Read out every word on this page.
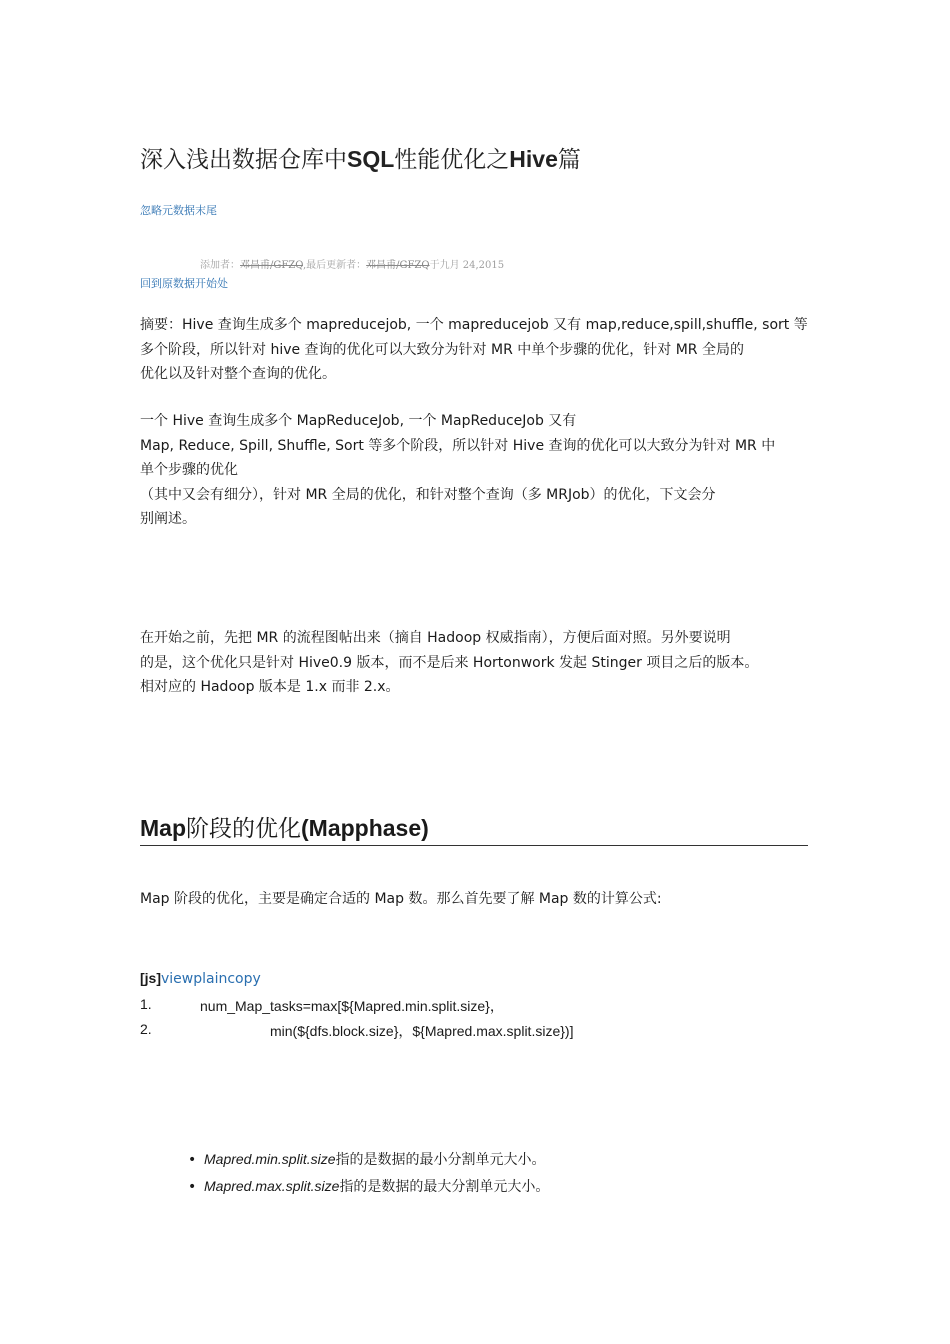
深入浅出数据仓库中SQL性能优化之Hive篇
忽略元数据末尾
添加者：邓昌甫/GFZQ,最后更新者：邓昌甫/GFZQ于九月 24,2015
回到原数据开始处
摘要：Hive 查询生成多个 mapreducejob, 一个 mapreducejob 又有 map,reduce,spill,shuffle, sort 等
多个阶段，所以针对 hive 查询的优化可以大致分为针对 MR 中单个步骤的优化，针对 MR 全局的
优化以及针对整个查询的优化。
一个 Hive 查询生成多个 MapReduceJob, 一个 MapReduceJob 又有
Map, Reduce, Spill, Shuffle, Sort 等多个阶段，所以针对 Hive 查询的优化可以大致分为针对 MR 中
单个步骤的优化
（其中又会有细分），针对 MR 全局的优化，和针对整个查询（多 MRJob）的优化，下文会分
别阐述。
在开始之前，先把 MR 的流程图帖出来（摘自 Hadoop 权威指南），方便后面对照。另外要说明
的是，这个优化只是针对 Hive0.9 版本，而不是后来 Hortonwork 发起 Stinger 项目之后的版本。
相对应的 Hadoop 版本是 1.x 而非 2.x。
Map阶段的优化(Mapphase)
Map 阶段的优化，主要是确定合适的 Map 数。那么首先要了解 Map 数的计算公式:
[js]viewplaincopy
1.	num_Map_tasks=max[${Mapred.min.split.size}，
2.	min(${dfs.block.size}，${Mapred.max.split.size})]
• Mapred.min.split.size指的是数据的最小分割单元大小。
• Mapred.max.split.size指的是数据的最大分割单元大小。
